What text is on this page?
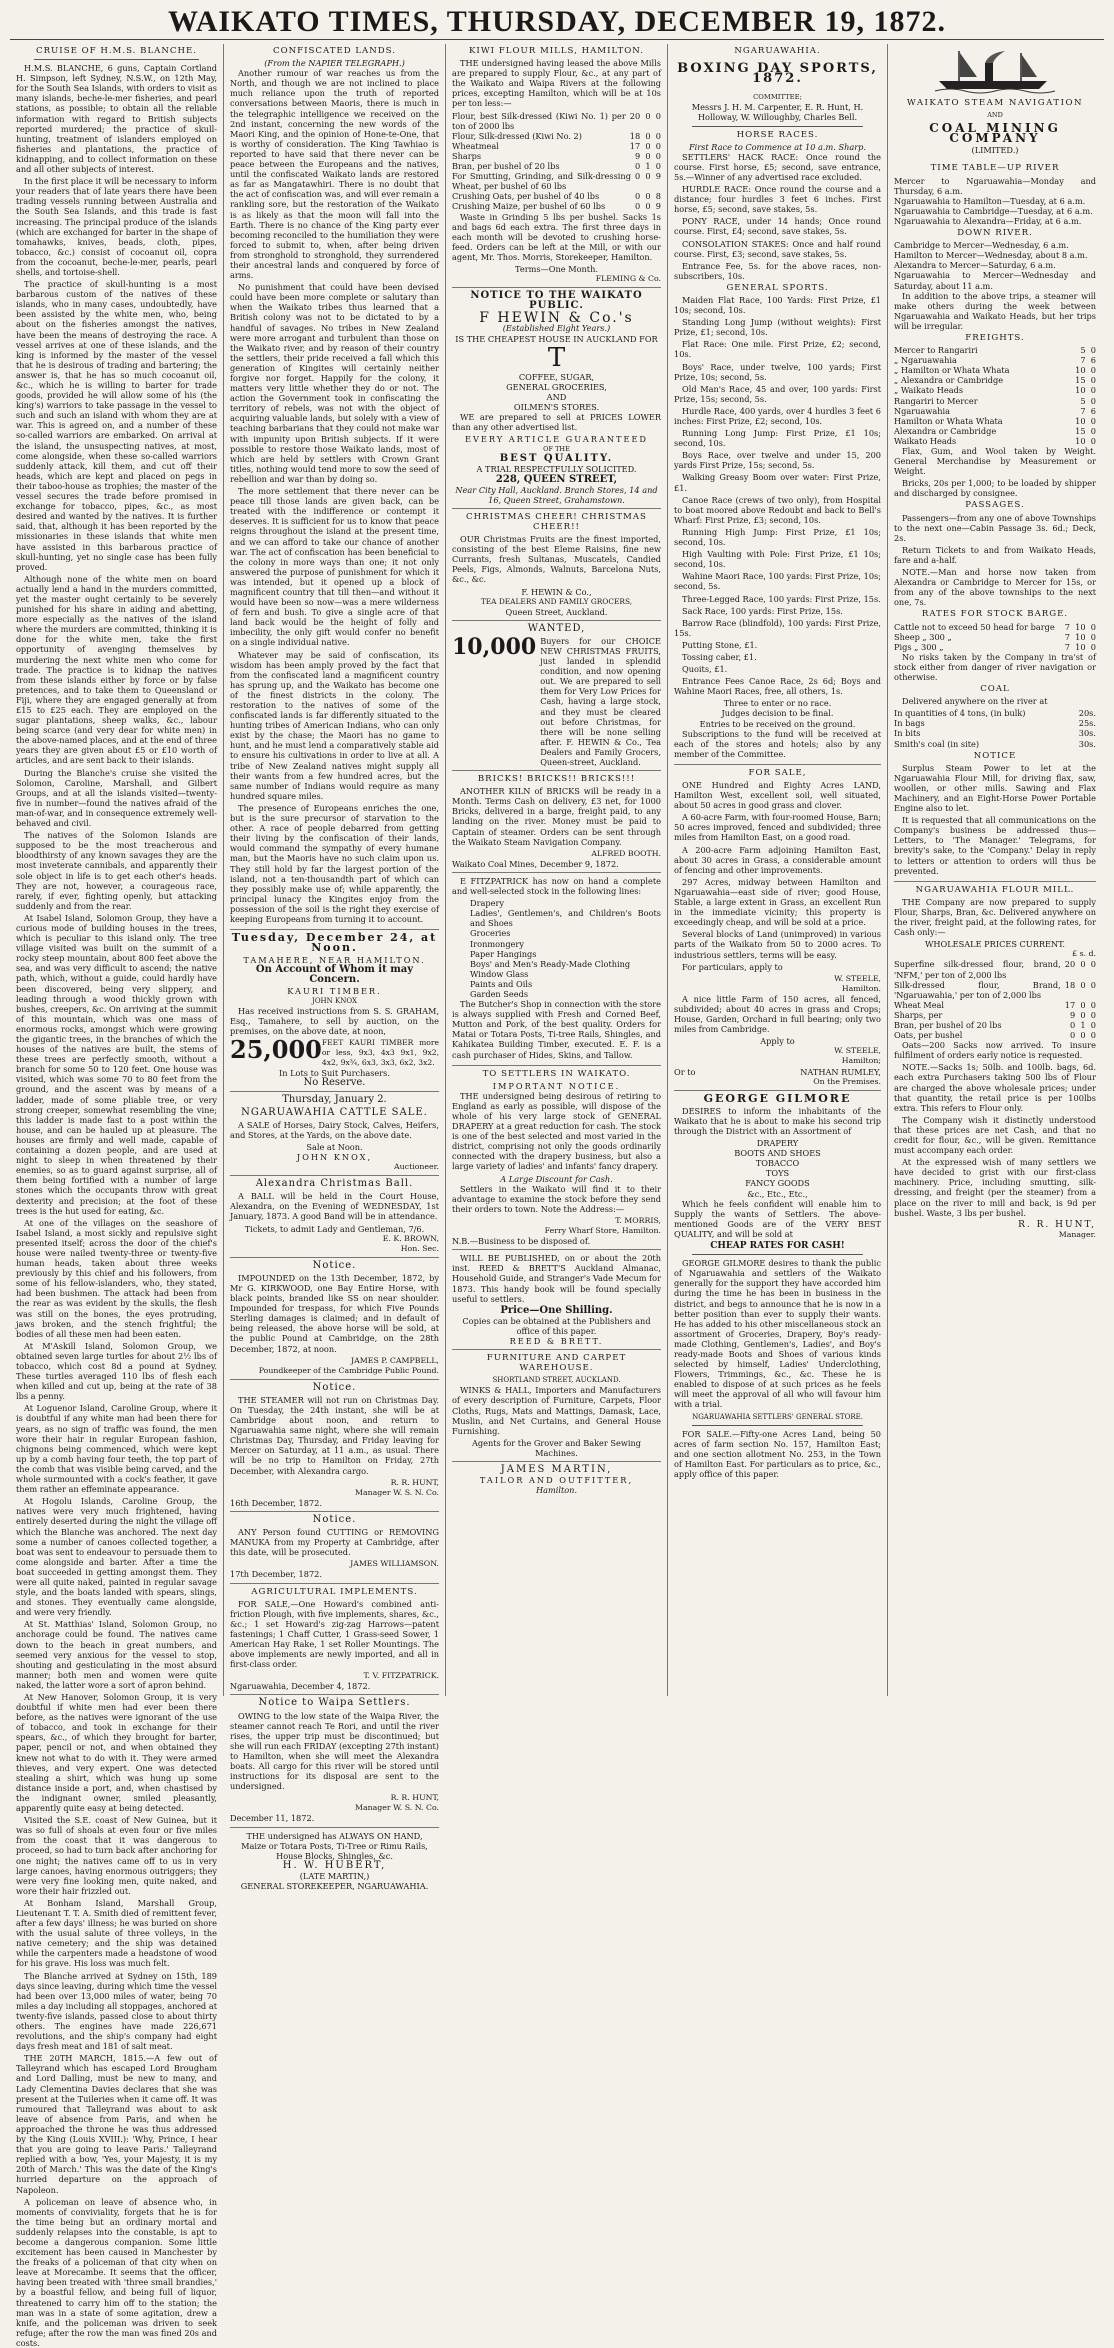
WAIKATO TIMES, THURSDAY, DECEMBER 19, 1872.
CRUISE OF H.M.S. BLANCHE.

H.M.S. BLANCHE, 6 guns, Captain Cortland H. Simpson, left Sydney, N.S.W., on 12th May, for the South Sea Islands, with orders to visit as many islands, beche-le-mer fisheries, and pearl stations, as possible; to obtain all the reliable information with regard to British subjects reported murdered; the practice of skull-hunting, treatment of islanders employed on fisheries and plantations, the practice of kidnapping, and to collect information on these and all other subjects of interest.

In the first place it will be necessary to inform your readers that of late years there have been trading vessels running between Australia and the South Sea Islands, and this trade is fast increasing. The principal produce of the islands (which are exchanged for barter in the shape of tomahawks, knives, beads, cloth, pipes, tobacco, &c.) consist of cocoanut oil, copra from the cocoanut, beche-le-mer, pearls, pearl shells, and tortoise-shell.

The practice of skull-hunting is a most barbarous custom of the natives of these islands, who in many cases, undoubtedly, have been assisted by the white men, who, being about on the fisheries amongst the natives, have been the means of destroying the race. A vessel arrives at one of these islands, and the king is informed by the master of the vessel that he is desirous of trading and bartering; the answer is, that he has so much cocoanut oil, &c., which he is willing to barter for trade goods, provided he will allow some of his (the king's) warriors to take passage in the vessel to such and such an island with whom they are at war. This is agreed on, and a number of these so-called warriors are embarked. On arrival at the island, the unsuspecting natives, at most, come alongside, when these so-called warriors suddenly attack, kill them, and cut off their heads, which are kept and placed on pegs in their taboo-house as trophies; the master of the vessel secures the trade before promised in exchange for tobacco, pipes, &c., as most desired and wanted by the natives. It is further said, that, although it has been reported by the missionaries in these islands that white men have assisted in this barbarous practice of skull-hunting, yet no single case has been fully proved.

Although none of the white men on board actually lend a hand in the murders committed, yet the master ought certainly to be severely punished for his share in aiding and abetting, more especially as the natives of the island where the murders are committed, thinking it is done for the white men, take the first opportunity of avenging themselves by murdering the next white men who come for trade. The practice is to kidnap the natives from these islands either by force or by false pretences, and to take them to Queensland or Fiji, where they are engaged generally at from £15 to £25 each. They are employed on the sugar plantations, sheep walks, &c., labour being scarce (and very dear for white men) in the above-named places, and at the end of three years they are given about £5 or £10 worth of articles, and are sent back to their islands.

During the Blanche's cruise she visited the Solomon, Caroline, Marshall, and Gilbert Groups, and at all the islands visited—twenty-five in number—found the natives afraid of the man-of-war, and in consequence extremely well-behaved and civil.

The natives of the Solomon Islands are supposed to be the most treacherous and bloodthirsty of any known savages they are the most inveterate cannibals, and apparently their sole object in life is to get each other's heads. They are not, however, a courageous race, rarely, if ever, fighting openly, but attacking suddenly and from the rear.

At Isabel Island, Solomon Group, they have a curious mode of building houses in the trees, which is peculiar to this island only. The tree village visited was built on the summit of a rocky steep mountain, about 800 feet above the sea, and was very difficult to ascend; the native path, which, without a guide, could hardly have been discovered, being very slippery, and leading through a wood thickly grown with bushes, creepers, &c. On arriving at the summit of this mountain, which was one mass of enormous rocks, amongst which were growing the gigantic trees, in the branches of which the houses of the natives are built, the stems of these trees are perfectly smooth, without a branch for some 50 to 120 feet. One house was visited, which was some 70 to 80 feet from the ground, and the ascent was by means of a ladder, made of some pliable tree, or very strong creeper, somewhat resembling the vine; this ladder is made fast to a post within the house, and can be hauled up at pleasure. The houses are firmly and well made, capable of containing a dozen people, and are used at night to sleep in when threatened by their enemies, so as to guard against surprise, all of them being fortified with a number of large stones which the occupants throw with great dexterity and precision; at the foot of these trees is the hut used for eating, &c.

At one of the villages on the seashore of Isabel Island, a most sickly and repulsive sight presented itself; across the door of the chief's house were nailed twenty-three or twenty-five human heads, taken about three weeks previously by this chief and his followers, from some of his fellow-islanders, who, they stated, had been bushmen. The attack had been from the rear as was evident by the skulls, the flesh was still on the bones, the eyes protruding, jaws broken, and the stench frightful; the bodies of all these men had been eaten.

At M'Askill Island, Solomon Group, we obtained seven large turtles for about 2½ lbs of tobacco, which cost 8d a pound at Sydney. These turtles averaged 110 lbs of flesh each when killed and cut up, being at the rate of 38 lbs a penny.

At Loguenor Island, Caroline Group, where it is doubtful if any white man had been there for years, as no sign of traffic was found, the men wore their hair in regular European fashion, chignons being commenced, which were kept up by a comb having four teeth, the top part of the comb that was visible being carved, and the whole surmounted with a cock's feather, it gave them rather an effeminate appearance.

At Hogolu Islands, Caroline Group, the natives were very much frightened, having entirely deserted during the night the village off which the Blanche was anchored. The next day some a number of canoes collected together, a boat was sent to endeavour to persuade them to come alongside and barter. After a time the boat succeeded in getting amongst them. They were all quite naked, painted in regular savage style, and the boats landed with spears, slings, and stones. They eventually came alongside, and were very friendly.

At St. Matthias' Island, Solomon Group, no anchorage could be found. The natives came down to the beach in great numbers, and seemed very anxious for the vessel to stop, shouting and gesticulating in the most absurd manner; both men and women were quite naked, the latter wore a sort of apron behind.

At New Hanover, Solomon Group, it is very doubtful if white men had ever been there before, as the natives were ignorant of the use of tobacco, and took in exchange for their spears, &c., of which they brought for barter, paper, pencil or not, and when obtained they knew not what to do with it. They were armed thieves, and very expert. One was detected stealing a shirt, which was hung up some distance inside a port, and, when chastised by the indignant owner, smiled pleasantly, apparently quite easy at being detected.

Visited the S.E. coast of New Guinea, but it was so full of shoals at even four or five miles from the coast that it was dangerous to proceed, so had to turn back after anchoring for one night; the natives came off to us in very large canoes, having enormous outriggers; they were very fine looking men, quite naked, and wore their hair frizzled out.

At Bonham Island, Marshall Group, Lieutenant T. T. A. Smith died of remittent fever, after a few days' illness; he was buried on shore with the usual salute of three volleys, in the native cemetery; and the ship was detained while the carpenters made a headstone of wood for his grave. His loss was much felt.

The Blanche arrived at Sydney on 15th, 189 days since leaving, during which time the vessel had been over 13,000 miles of water, being 70 miles a day including all stoppages, anchored at twenty-five islands, passed close to about thirty others. The engines have made 226,671 revolutions, and the ship's company had eight days fresh meat and 181 of salt meat.

THE 20TH MARCH, 1815.—A few out of Talleyrand which has escaped Lord Brougham and Lord Dalling, must be new to many, and Lady Clementina Davies declares that she was present at the Tuileries when it came off. It was rumoured that Talleyrand was about to ask leave of absence from Paris, and when he approached the throne he was thus addressed by the King (Louis XVIII.): 'Why, Prince, I hear that you are going to leave Paris.' Talleyrand replied with a bow, 'Yes, your Majesty, it is my 20th of March.' This was the date of the King's hurried departure on the approach of Napoleon.

A policeman on leave of absence who, in moments of conviviality, forgets that he is for the time being but an ordinary mortal and suddenly relapses into the constable, is apt to become a dangerous companion. Some little excitement has been caused in Manchester by the freaks of a policeman of that city when on leave at Morecambe. It seems that the officer, having been treated with 'three small brandies,' by a boastful fellow, and being full of liquor, threatened to carry him off to the station; the man was in a state of some agitation, drew a knife, and the policeman was driven to seek refuge; after the row the man was fined 20s and costs.

CONFISCATED LANDS.
(From the NAPIER TELEGRAPH.)

Another rumour of war reaches us from the North, and though we are not inclined to place much reliance upon the truth of reported conversations between Maoris, there is much in the telegraphic intelligence we received on the 2nd instant, concerning the new words of the Maori King, and the opinion of Hone-te-One, that is worthy of consideration. The King Tawhiao is reported to have said that there never can be peace between the Europeans and the natives, until the confiscated Waikato lands are restored as far as Mangatawhiri. There is no doubt that the act of confiscation was, and will ever remain a rankling sore, but the restoration of the Waikato is as likely as that the moon will fall into the Earth. There is no chance of the King party ever becoming reconciled to the humiliation they were forced to submit to, when, after being driven from stronghold to stronghold, they surrendered their ancestral lands and conquered by force of arms.

No punishment that could have been devised could have been more complete or salutary than when the Waikato tribes thus learned that a British colony was not to be dictated to by a handful of savages. No tribes in New Zealand were more arrogant and turbulent than those on the Waikato river, and by reason of their country the settlers, their pride received a fall which this generation of Kingites will certainly neither forgive nor forget. Happily for the colony, it matters very little whether they do or not. The action the Government took in confiscating the territory of rebels, was not with the object of acquiring valuable lands, but solely with a view of teaching barbarians that they could not make war with impunity upon British subjects. If it were possible to restore those Waikato lands, most of which are held by settlers with Crown Grant titles, nothing would tend more to sow the seed of rebellion and war than by doing so.

The more settlement that there never can be peace till those lands are given back, can be treated with the indifference or contempt it deserves. It is sufficient for us to know that peace reigns throughout the island at the present time, and we can afford to take our chance of another war. The act of confiscation has been beneficial to the colony in more ways than one; it not only answered the purpose of punishment for which it was intended, but it opened up a block of magnificent country that till then—and without it would have been so now—was a mere wilderness of fern and bush. To give a single acre of that land back would be the height of folly and imbecility, the only gift would confer no benefit on a single individual native.

Whatever may be said of confiscation, its wisdom has been amply proved by the fact that from the confiscated land a magnificent country has sprung up, and the Waikato has become one of the finest districts in the colony. The restoration to the natives of some of the confiscated lands is far differently situated to the hunting tribes of American Indians, who can only exist by the chase; the Maori has no game to hunt, and he must lend a comparatively stable aid to ensure his cultivations in order to live at all. A tribe of New Zealand natives might supply all their wants from a few hundred acres, but the same number of Indians would require as many hundred square miles.

The presence of Europeans enriches the one, but is the sure precursor of starvation to the other. A race of people debarred from getting their living by the confiscation of their lands, would command the sympathy of every humane man, but the Maoris have no such claim upon us. They still hold by far the largest portion of the island, not a ten-thousandth part of which can they possibly make use of; while apparently, the principal lunacy the Kingites enjoy from the possession of the soil is the right they exercise of keeping Europeans from turning it to account.

Tuesday, December 24, at Noon.
TAMAHERE, NEAR HAMILTON.
On Account of Whom it may Concern.
KAURI TIMBER.
JOHN KNOX

Has received instructions from S. S. GRAHAM, Esq., Tamahere, to sell by auction, on the premises, on the above date, at noon,

25,000 FEET KAURI TIMBER more or less, 9x3, 4x3 9x1, 9x2, 4x2, 9x¾, 6x3, 3x3, 6x2, 3x2.
In Lots to Suit Purchasers.
No Reserve.
Thursday, January 2.
NGARUAWAHIA CATTLE SALE.

A SALE of Horses, Dairy Stock, Calves, Heifers, and Stores, at the Yards, on the above date.

Sale at Noon.
JOHN KNOX,
Auctioneer.
Alexandra Christmas Ball.

A BALL will be held in the Court House, Alexandra, on the Evening of WEDNESDAY, 1st January, 1873. A good Band will be in attendance.

Tickets, to admit Lady and Gentleman, 7/6.
E. K. BROWN,
Hon. Sec.
Notice.

IMPOUNDED on the 13th December, 1872, by Mr G. KIRKWOOD, one Bay Entire Horse, with black points, branded like SS on near shoulder. Impounded for trespass, for which Five Pounds Sterling damages is claimed; and in default of being released, the above horse will be sold, at the public Pound at Cambridge, on the 28th December, 1872, at noon.

JAMES P. CAMPBELL,
Poundkeeper of the Cambridge Public Pound.
Notice.

THE STEAMER will not run on Christmas Day. On Tuesday, the 24th instant, she will be at Cambridge about noon, and return to Ngaruawahia same night, where she will remain Christmas Day, Thursday, and Friday leaving for Mercer on Saturday, at 11 a.m., as usual. There will be no trip to Hamilton on Friday, 27th December, with Alexandra cargo.

R. R. HUNT,
Manager W. S. N. Co.
16th December, 1872.
Notice.

ANY Person found CUTTING or REMOVING MANUKA from my Property at Cambridge, after this date, will be prosecuted.

JAMES WILLIAMSON.
17th December, 1872.
AGRICULTURAL IMPLEMENTS.

FOR SALE,—One Howard's combined anti-friction Plough, with five implements, shares, &c., &c.; 1 set Howard's zig-zag Harrows—patent fastenings; 1 Chaff Cutter, 1 Grass-seed Sower, 1 American Hay Rake, 1 set Roller Mountings. The above implements are newly imported, and all in first-class order.

T. V. FITZPATRICK.
Ngaruawahia, December 4, 1872.
Notice to Waipa Settlers.

OWING to the low state of the Waipa River, the steamer cannot reach Te Rori, and until the river rises, the upper trip must be discontinued; but she will run each FRIDAY (excepting 27th instant) to Hamilton, when she will meet the Alexandra boats. All cargo for this river will be stored until instructions for its disposal are sent to the undersigned.

R. R. HUNT,
Manager W. S. N. Co.
December 11, 1872.
THE undersigned has ALWAYS ON HAND,
Maize or Totara Posts, Ti-Tree or Rimu Rails, House Blocks, Shingles, &c.
H. W. HUBERT,
(LATE MARTIN,)
GENERAL STOREKEEPER, NGARUAWAHIA.
KIWI FLOUR MILLS, HAMILTON.

THE undersigned having leased the above Mills are prepared to supply Flour, &c., at any part of the Waikato and Waipa Rivers at the following prices, excepting Hamilton, which will be at 10s per ton less:—

Flour, best Silk-dressed (Kiwi No. 1) per ton of 2000 lbs
20  0  0
Flour, Silk-dressed (Kiwi No. 2)	18  0  0
Wheatmeal	17  0  0
Sharps	9  0  0
Bran, per bushel of 20 lbs	0  1  0
For Smutting, Grinding, and Silk-dressing Wheat, per bushel of 60 lbs
0  0  9
Crushing Oats, per bushel of 40 lbs	0  0  8
Crushing Maize, per bushel of 60 lbs	0  0  9

Waste in Grinding 5 lbs per bushel. Sacks 1s and bags 6d each extra. The first three days in each month will be devoted to crushing horse-feed. Orders can be left at the Mill, or with our agent, Mr. Thos. Morris, Storekeeper, Hamilton.

Terms—One Month.
FLEMING & Co.
NOTICE TO THE WAIKATO PUBLIC.
F HEWIN & Co.'s
(Established Eight Years.)
IS THE CHEAPEST HOUSE IN AUCKLAND FOR
T
COFFEE, SUGAR,
GENERAL GROCERIES,
AND
OILMEN'S STORES.

WE are prepared to sell at PRICES LOWER than any other advertised list.

EVERY ARTICLE GUARANTEED
OF THE
BEST QUALITY.
A TRIAL RESPECTFULLY SOLICITED.
228, QUEEN STREET,
Near City Hall, Auckland. Branch Stores, 14 and 16, Queen Street, Grahamstown.
CHRISTMAS CHEER! CHRISTMAS CHEER!!

OUR Christmas Fruits are the finest imported, consisting of the best Eleme Raisins, fine new Currants, fresh Sultanas, Muscatels, Candied Peels, Figs, Almonds, Walnuts, Barcelona Nuts, &c., &c.

F. HEWIN & Co.,
TEA DEALERS AND FAMILY GROCERS,
Queen Street, Auckland.
WANTED,
10,000 Buyers for our CHOICE NEW CHRISTMAS FRUITS, just landed in splendid condition, and now opening out. We are prepared to sell them for Very Low Prices for Cash, having a large stock, and they must be cleared out before Christmas, for there will be none selling after. F. HEWIN & Co., Tea Dealers and Family Grocers, Queen-street, Auckland.
BRICKS! BRICKS!! BRICKS!!!

ANOTHER KILN of BRICKS will be ready in a Month. Terms Cash on delivery, £3 net, for 1000 Bricks, delivered in a barge, freight paid, to any landing on the river. Money must be paid to Captain of steamer. Orders can be sent through the Waikato Steam Navigation Company.

ALFRED BOOTH.
Waikato Coal Mines, December 9, 1872.

E FITZPATRICK has now on hand a complete and well-selected stock in the following lines:

Drapery
Ladies', Gentlemen's, and Children's Boots and Shoes
Groceries
Ironmongery
Paper Hangings
Boys' and Men's Ready-Made Clothing
Window Glass
Paints and Oils
Garden Seeds

The Butcher's Shop in connection with the store is always supplied with Fresh and Corned Beef, Mutton and Pork, of the best quality. Orders for Matai or Totara Posts, Ti-tree Rails, Shingles, and Kahikatea Building Timber, executed. E. F. is a cash purchaser of Hides, Skins, and Tallow.

TO SETTLERS IN WAIKATO.
IMPORTANT NOTICE.

THE undersigned being desirous of retiring to England as early as possible, will dispose of the whole of his very large stock of GENERAL DRAPERY at a great reduction for cash. The stock is one of the best selected and most varied in the district, comprising not only the goods ordinarily connected with the drapery business, but also a large variety of ladies' and infants' fancy drapery.

A Large Discount for Cash.

Settlers in the Waikato will find it to their advantage to examine the stock before they send their orders to town. Note the Address:—

T. MORRIS,
Ferry Wharf Store, Hamilton.
N.B.—Business to be disposed of.

WILL BE PUBLISHED, on or about the 20th inst. REED & BRETT'S Auckland Almanac, Household Guide, and Stranger's Vade Mecum for 1873. This handy book will be found specially useful to settlers.

Price—One Shilling.
Copies can be obtained at the Publishers and office of this paper.
REED & BRETT.
FURNITURE AND CARPET WAREHOUSE.
SHORTLAND STREET, AUCKLAND.

WINKS & HALL, Importers and Manufacturers of every description of Furniture, Carpets, Floor Cloths, Rugs, Mats and Mattings, Damask, Lace, Muslin, and Net Curtains, and General House Furnishing.

Agents for the Grover and Baker Sewing Machines.
JAMES MARTIN,
TAILOR AND OUTFITTER,
Hamilton.
NGARUAWAHIA.
BOXING DAY SPORTS, 1872.
COMMITTEE;
Messrs J. H. M. Carpenter, E. R. Hunt, H. Holloway, W. Willoughby, Charles Bell.
HORSE RACES.
First Race to Commence at 10 a.m. Sharp.

SETTLERS' HACK RACE: Once round the course. First horse, £5; second, save entrance, 5s.—Winner of any advertised race excluded.

HURDLE RACE: Once round the course and a distance; four hurdles 3 feet 6 inches. First horse, £5; second, save stakes, 5s.

PONY RACE, under 14 hands; Once round course. First, £4; second, save stakes, 5s.

CONSOLATION STAKES: Once and half round course. First, £3; second, save stakes, 5s.

Entrance Fee, 5s. for the above races, non-subscribers, 10s.

GENERAL SPORTS.

Maiden Flat Race, 100 Yards: First Prize, £1 10s; second, 10s.

Standing Long Jump (without weights): First Prize, £1; second, 10s.

Flat Race: One mile. First Prize, £2; second, 10s.

Boys' Race, under twelve, 100 yards; First Prize, 10s; second, 5s.

Old Man's Race, 45 and over, 100 yards: First Prize, 15s; second, 5s.

Hurdle Race, 400 yards, over 4 hurdles 3 feet 6 inches: First Prize, £2; second, 10s.

Running Long Jump: First Prize, £1 10s; second, 10s.

Boys Race, over twelve and under 15, 200 yards First Prize, 15s; second, 5s.

Walking Greasy Boom over water: First Prize, £1.

Canoe Race (crews of two only), from Hospital to boat moored above Redoubt and back to Bell's Wharf: First Prize, £3; second, 10s.

Running High Jump: First Prize, £1 10s; second, 10s.

High Vaulting with Pole: First Prize, £1 10s; second, 10s.

Wahine Maori Race, 100 yards: First Prize, 10s; second, 5s.

Three-Legged Race, 100 yards: First Prize, 15s.

Sack Race, 100 yards: First Prize, 15s.

Barrow Race (blindfold), 100 yards: First Prize, 15s.

Putting Stone, £1.

Tossing caber, £1.

Quoits, £1.

Entrance Fees Canoe Race, 2s 6d; Boys and Wahine Maori Races, free, all others, 1s.

Three to enter or no race.
Judges decision to be final.
Entries to be received on the ground.

Subscriptions to the fund will be received at each of the stores and hotels; also by any member of the Committee.

FOR SALE,

ONE Hundred and Eighty Acres LAND, Hamilton West, excellent soil, well situated, about 50 acres in good grass and clover.

A 60-acre Farm, with four-roomed House, Barn; 50 acres improved, fenced and subdivided; three miles from Hamilton East, on a good road.

A 200-acre Farm adjoining Hamilton East, about 30 acres in Grass, a considerable amount of fencing and other improvements.

297 Acres, midway between Hamilton and Ngaruawahia—east side of river; good House, Stable, a large extent in Grass, an excellent Run in the immediate vicinity; this property is exceedingly cheap, and will be sold at a price.

Several blocks of Land (unimproved) in various parts of the Waikato from 50 to 2000 acres. To industrious settlers, terms will be easy.

For particulars, apply to

W. STEELE,
Hamilton.

A nice little Farm of 150 acres, all fenced, subdivided; about 40 acres in grass and Crops; House, Garden, Orchard in full bearing; only two miles from Cambridge.

Apply to
W. STEELE,
Hamilton;
Or to	NATHAN RUMLEY,
On the Premises.
GEORGE GILMORE

DESIRES to inform the inhabitants of the Waikato that he is about to make his second trip through the District with an Assortment of

DRAPERY
BOOTS AND SHOES
TOBACCO
TOYS
FANCY GOODS
&c., Etc., Etc.,

Which he feels confident will enable him to Supply the wants of Settlers. The above-mentioned Goods are of the VERY BEST QUALITY, and will be sold at

CHEAP RATES FOR CASH!

GEORGE GILMORE desires to thank the public of Ngaruawahia and settlers of the Waikato generally for the support they have accorded him during the time he has been in business in the district, and begs to announce that he is now in a better position than ever to supply their wants. He has added to his other miscellaneous stock an assortment of Groceries, Drapery, Boy's ready-made Clothing, Gentlemen's, Ladies', and Boy's ready-made Boots and Shoes of various kinds selected by himself, Ladies' Underclothing, Flowers, Trimmings, &c., &c. These he is enabled to dispose of at such prices as he feels will meet the approval of all who will favour him with a trial.

NGARUAWAHIA SETTLERS' GENERAL STORE.

FOR SALE.—Fifty-one Acres Land, being 50 acres of farm section No. 157, Hamilton East; and one section allotment No. 253, in the Town of Hamilton East. For particulars as to price, &c., apply office of this paper.

WAIKATO STEAM NAVIGATION
AND
COAL MINING COMPANY
(LIMITED.)
TIME TABLE—UP RIVER
Mercer to Ngaruawahia—Monday and Thursday, 6 a.m.
Ngaruawahia to Hamilton—Tuesday, at 6 a.m.
Ngaruawahia to Cambridge—Tuesday, at 6 a.m.
Ngaruawahia to Alexandra—Friday, at 6 a.m.
DOWN RIVER.
Cambridge to Mercer—Wednesday, 6 a.m.
Hamilton to Mercer—Wednesday, about 8 a.m.
Alexandra to Mercer—Saturday, 6 a.m.
Ngaruawahia to Mercer—Wednesday and Saturday, about 11 a.m.

In addition to the above trips, a steamer will make others during the week between Ngaruawahia and Waikato Heads, but her trips will be irregular.

FREIGHTS.
Mercer to Rangariri	5  0
„ Ngaruawahia	7  6
„ Hamilton or Whata Whata	10  0
„ Alexandra or Cambridge	15  0
„ Waikato Heads	10  0
Rangariri to Mercer	5  0
Ngaruawahia	7  6
Hamilton or Whata Whata	10  0
Alexandra or Cambridge	15  0
Waikato Heads	10  0

Flax, Gum, and Wool taken by Weight. General Merchandise by Measurement or Weight.

Bricks, 20s per 1,000; to be loaded by shipper and discharged by consignee.

PASSAGES.

Passengers—from any one of above Townships to the next one—Cabin Passage 3s. 6d.; Deck, 2s.

Return Tickets to and from Waikato Heads, fare and a-half.

NOTE.—Man and horse now taken from Alexandra or Cambridge to Mercer for 15s, or from any of the above townships to the next one, 7s.

RATES FOR STOCK BARGE.
Cattle not to exceed 50 head for barge	7  10  0
Sheep „ 300 „	7  10  0
Pigs „ 300 „	7  10  0

No risks taken by the Company in tra'st of stock either from danger of river navigation or otherwise.

COAL

Delivered anywhere on the river at

In quantities of 4 tons, (in bulk)	20s.
In bags	25s.
In bits	30s.
Smith's coal (in site)	30s.
NOTICE

Surplus Steam Power to let at the Ngaruawahia Flour Mill, for driving flax, saw, woollen, or other mills. Sawing and Flax Machinery, and an Eight-Horse Power Portable Engine also to let.

It is requested that all communications on the Company's business be addressed thus—Letters, to 'The Manager.' Telegrams, for brevity's sake, to the 'Company.' Delay in reply to letters or attention to orders will thus be prevented.

NGARUAWAHIA FLOUR MILL.

THE Company are now prepared to supply Flour, Sharps, Bran, &c. Delivered anywhere on the river, freight paid, at the following rates, for Cash only:—

WHOLESALE PRICES CURRENT.
£ s. d.
Superfine silk-dressed flour, brand, 'NFM,' per ton of 2,000 lbs
20  0  0
Silk-dressed flour, Brand, 'Ngaruawahia,' per ton of 2,000 lbs
18  0  0
Wheat Meal	17  0  0
Sharps, per	9  0  0
Bran, per bushel of 20 lbs	0  1  0
Oats, per bushel	0  0  0

Oats—200 Sacks now arrived. To insure fulfilment of orders early notice is requested.

NOTE.—Sacks 1s; 50lb. and 100lb. bags, 6d. each extra Purchasers taking 500 lbs of Flour are charged the above wholesale prices; under that quantity, the retail price is per 100lbs extra. This refers to Flour only.

The Company wish it distinctly understood that these prices are net Cash, and that no credit for flour, &c., will be given. Remittance must accompany each order.

At the expressed wish of many settlers we have decided to grist with our first-class machinery. Price, including smutting, silk-dressing, and freight (per the steamer) from a place on the river to mill and back, is 9d per bushel. Waste, 3 lbs per bushel.

R. R. HUNT,
Manager.
